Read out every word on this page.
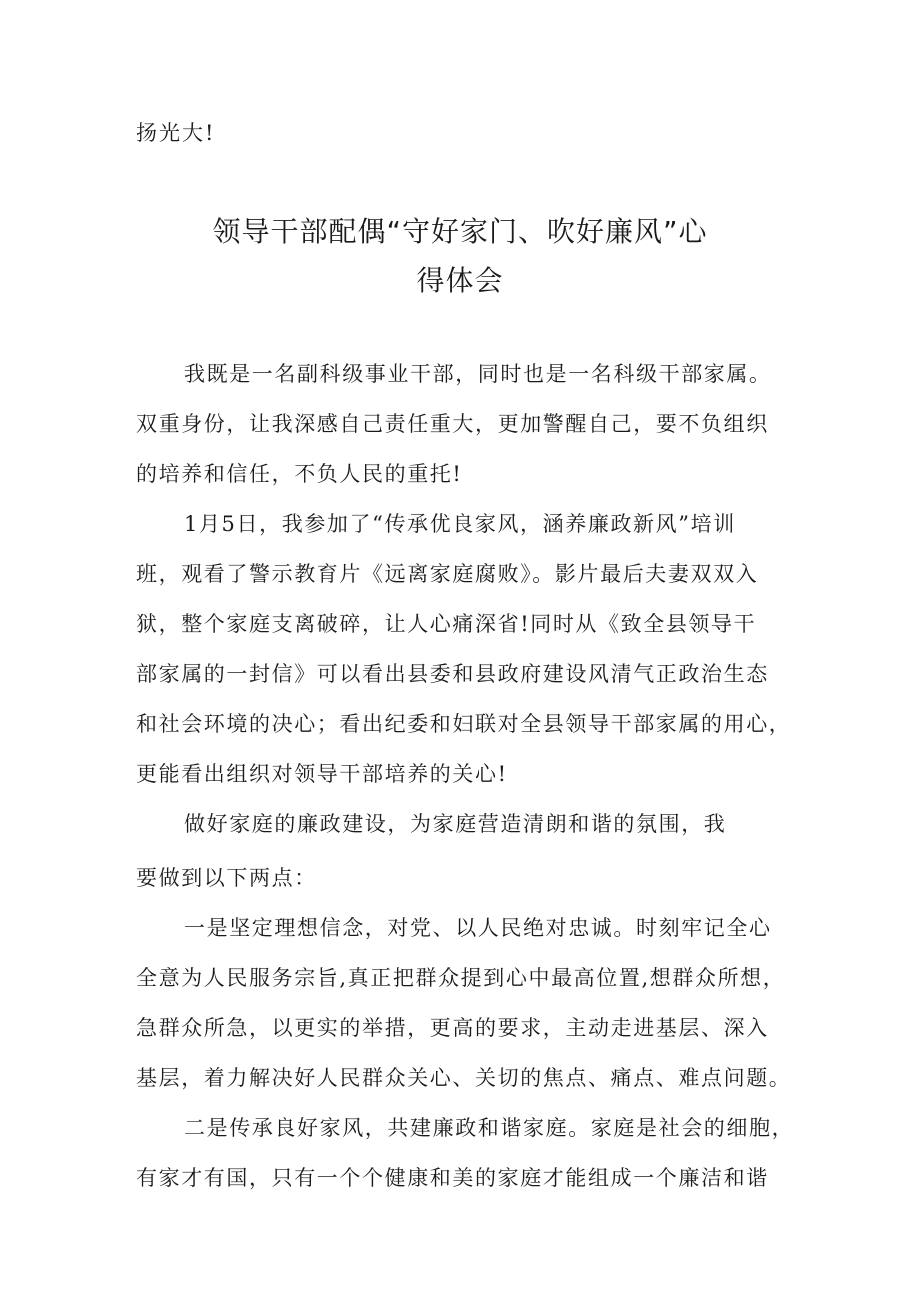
扬光大!
领导干部配偶“守好家门、吹好廉风”心
得体会
我既是一名副科级事业干部，同时也是一名科级干部家属。
双重身份，让我深感自己责任重大，更加警醒自己，要不负组织
的培养和信任，不负人民的重托!
1月5日，我参加了“传承优良家风，涵养廉政新风”培训
班，观看了警示教育片《远离家庭腐败》。影片最后夫妻双双入
狱，整个家庭支离破碎，让人心痛深省!同时从《致全县领导干
部家属的一封信》可以看出县委和县政府建设风清气正政治生态
和社会环境的决心；看出纪委和妇联对全县领导干部家属的用心，
更能看出组织对领导干部培养的关心!
做好家庭的廉政建设，为家庭营造清朗和谐的氛围，我
要做到以下两点：
一是坚定理想信念，对党、以人民绝对忠诚。时刻牢记全心
全意为人民服务宗旨,真正把群众提到心中最高位置,想群众所想，
急群众所急，以更实的举措，更高的要求，主动走进基层、深入
基层，着力解决好人民群众关心、关切的焦点、痛点、难点问题。
二是传承良好家风，共建廉政和谐家庭。家庭是社会的细胞，
有家才有国，只有一个个健康和美的家庭才能组成一个廉洁和谐
